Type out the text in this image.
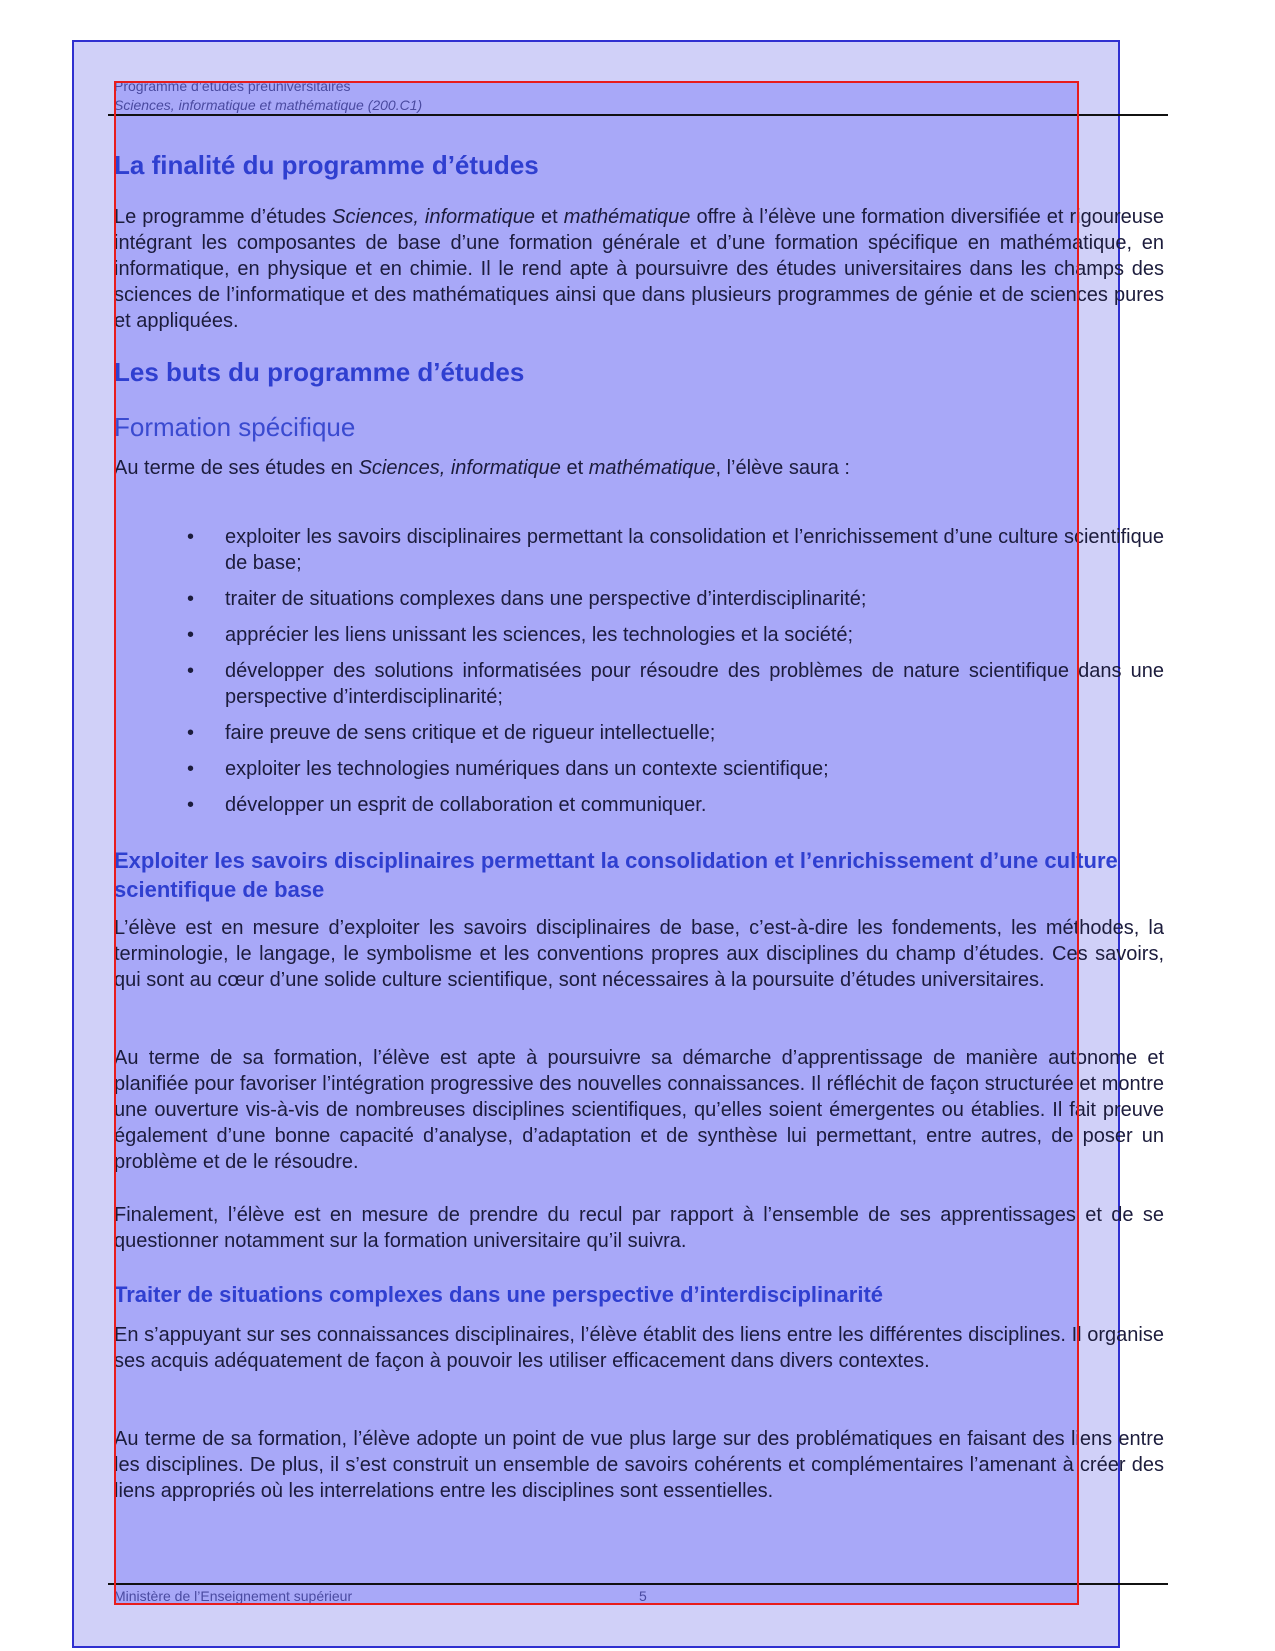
Programme d’études préuniversitaires
Sciences, informatique et mathématique (200.C1)
La finalité du programme d’études
Le programme d’études Sciences, informatique et mathématique offre à l’élève une formation diversifiée et rigoureuse intégrant les composantes de base d’une formation générale et d’une formation spécifique en mathématique, en informatique, en physique et en chimie. Il le rend apte à poursuivre des études universitaires dans les champs des sciences de l’informatique et des mathématiques ainsi que dans plusieurs programmes de génie et de sciences pures et appliquées.
Les buts du programme d’études
Formation spécifique
Au terme de ses études en Sciences, informatique et mathématique, l’élève saura :
• exploiter les savoirs disciplinaires permettant la consolidation et l’enrichissement d’une culture scientifique de base;
• traiter de situations complexes dans une perspective d’interdisciplinarité;
• apprécier les liens unissant les sciences, les technologies et la société;
• développer des solutions informatisées pour résoudre des problèmes de nature scientifique dans une perspective d’interdisciplinarité;
• faire preuve de sens critique et de rigueur intellectuelle;
• exploiter les technologies numériques dans un contexte scientifique;
• développer un esprit de collaboration et communiquer.
Exploiter les savoirs disciplinaires permettant la consolidation et l’enrichissement d’une culture scientifique de base
L’élève est en mesure d’exploiter les savoirs disciplinaires de base, c’est-à-dire les fondements, les méthodes, la terminologie, le langage, le symbolisme et les conventions propres aux disciplines du champ d’études. Ces savoirs, qui sont au cœur d’une solide culture scientifique, sont nécessaires à la poursuite d’études universitaires.
Au terme de sa formation, l’élève est apte à poursuivre sa démarche d’apprentissage de manière autonome et planifiée pour favoriser l’intégration progressive des nouvelles connaissances. Il réfléchit de façon structurée et montre une ouverture vis-à-vis de nombreuses disciplines scientifiques, qu’elles soient émergentes ou établies. Il fait preuve également d’une bonne capacité d’analyse, d’adaptation et de synthèse lui permettant, entre autres, de poser un problème et de le résoudre.
Finalement, l’élève est en mesure de prendre du recul par rapport à l’ensemble de ses apprentissages et de se questionner notamment sur la formation universitaire qu’il suivra.
Traiter de situations complexes dans une perspective d’interdisciplinarité
En s’appuyant sur ses connaissances disciplinaires, l’élève établit des liens entre les différentes disciplines. Il organise ses acquis adéquatement de façon à pouvoir les utiliser efficacement dans divers contextes.
Au terme de sa formation, l’élève adopte un point de vue plus large sur des problématiques en faisant des liens entre les disciplines. De plus, il s’est construit un ensemble de savoirs cohérents et complémentaires l’amenant à créer des liens appropriés où les interrelations entre les disciplines sont essentielles.
Ministère de l’Enseignement supérieur	5
